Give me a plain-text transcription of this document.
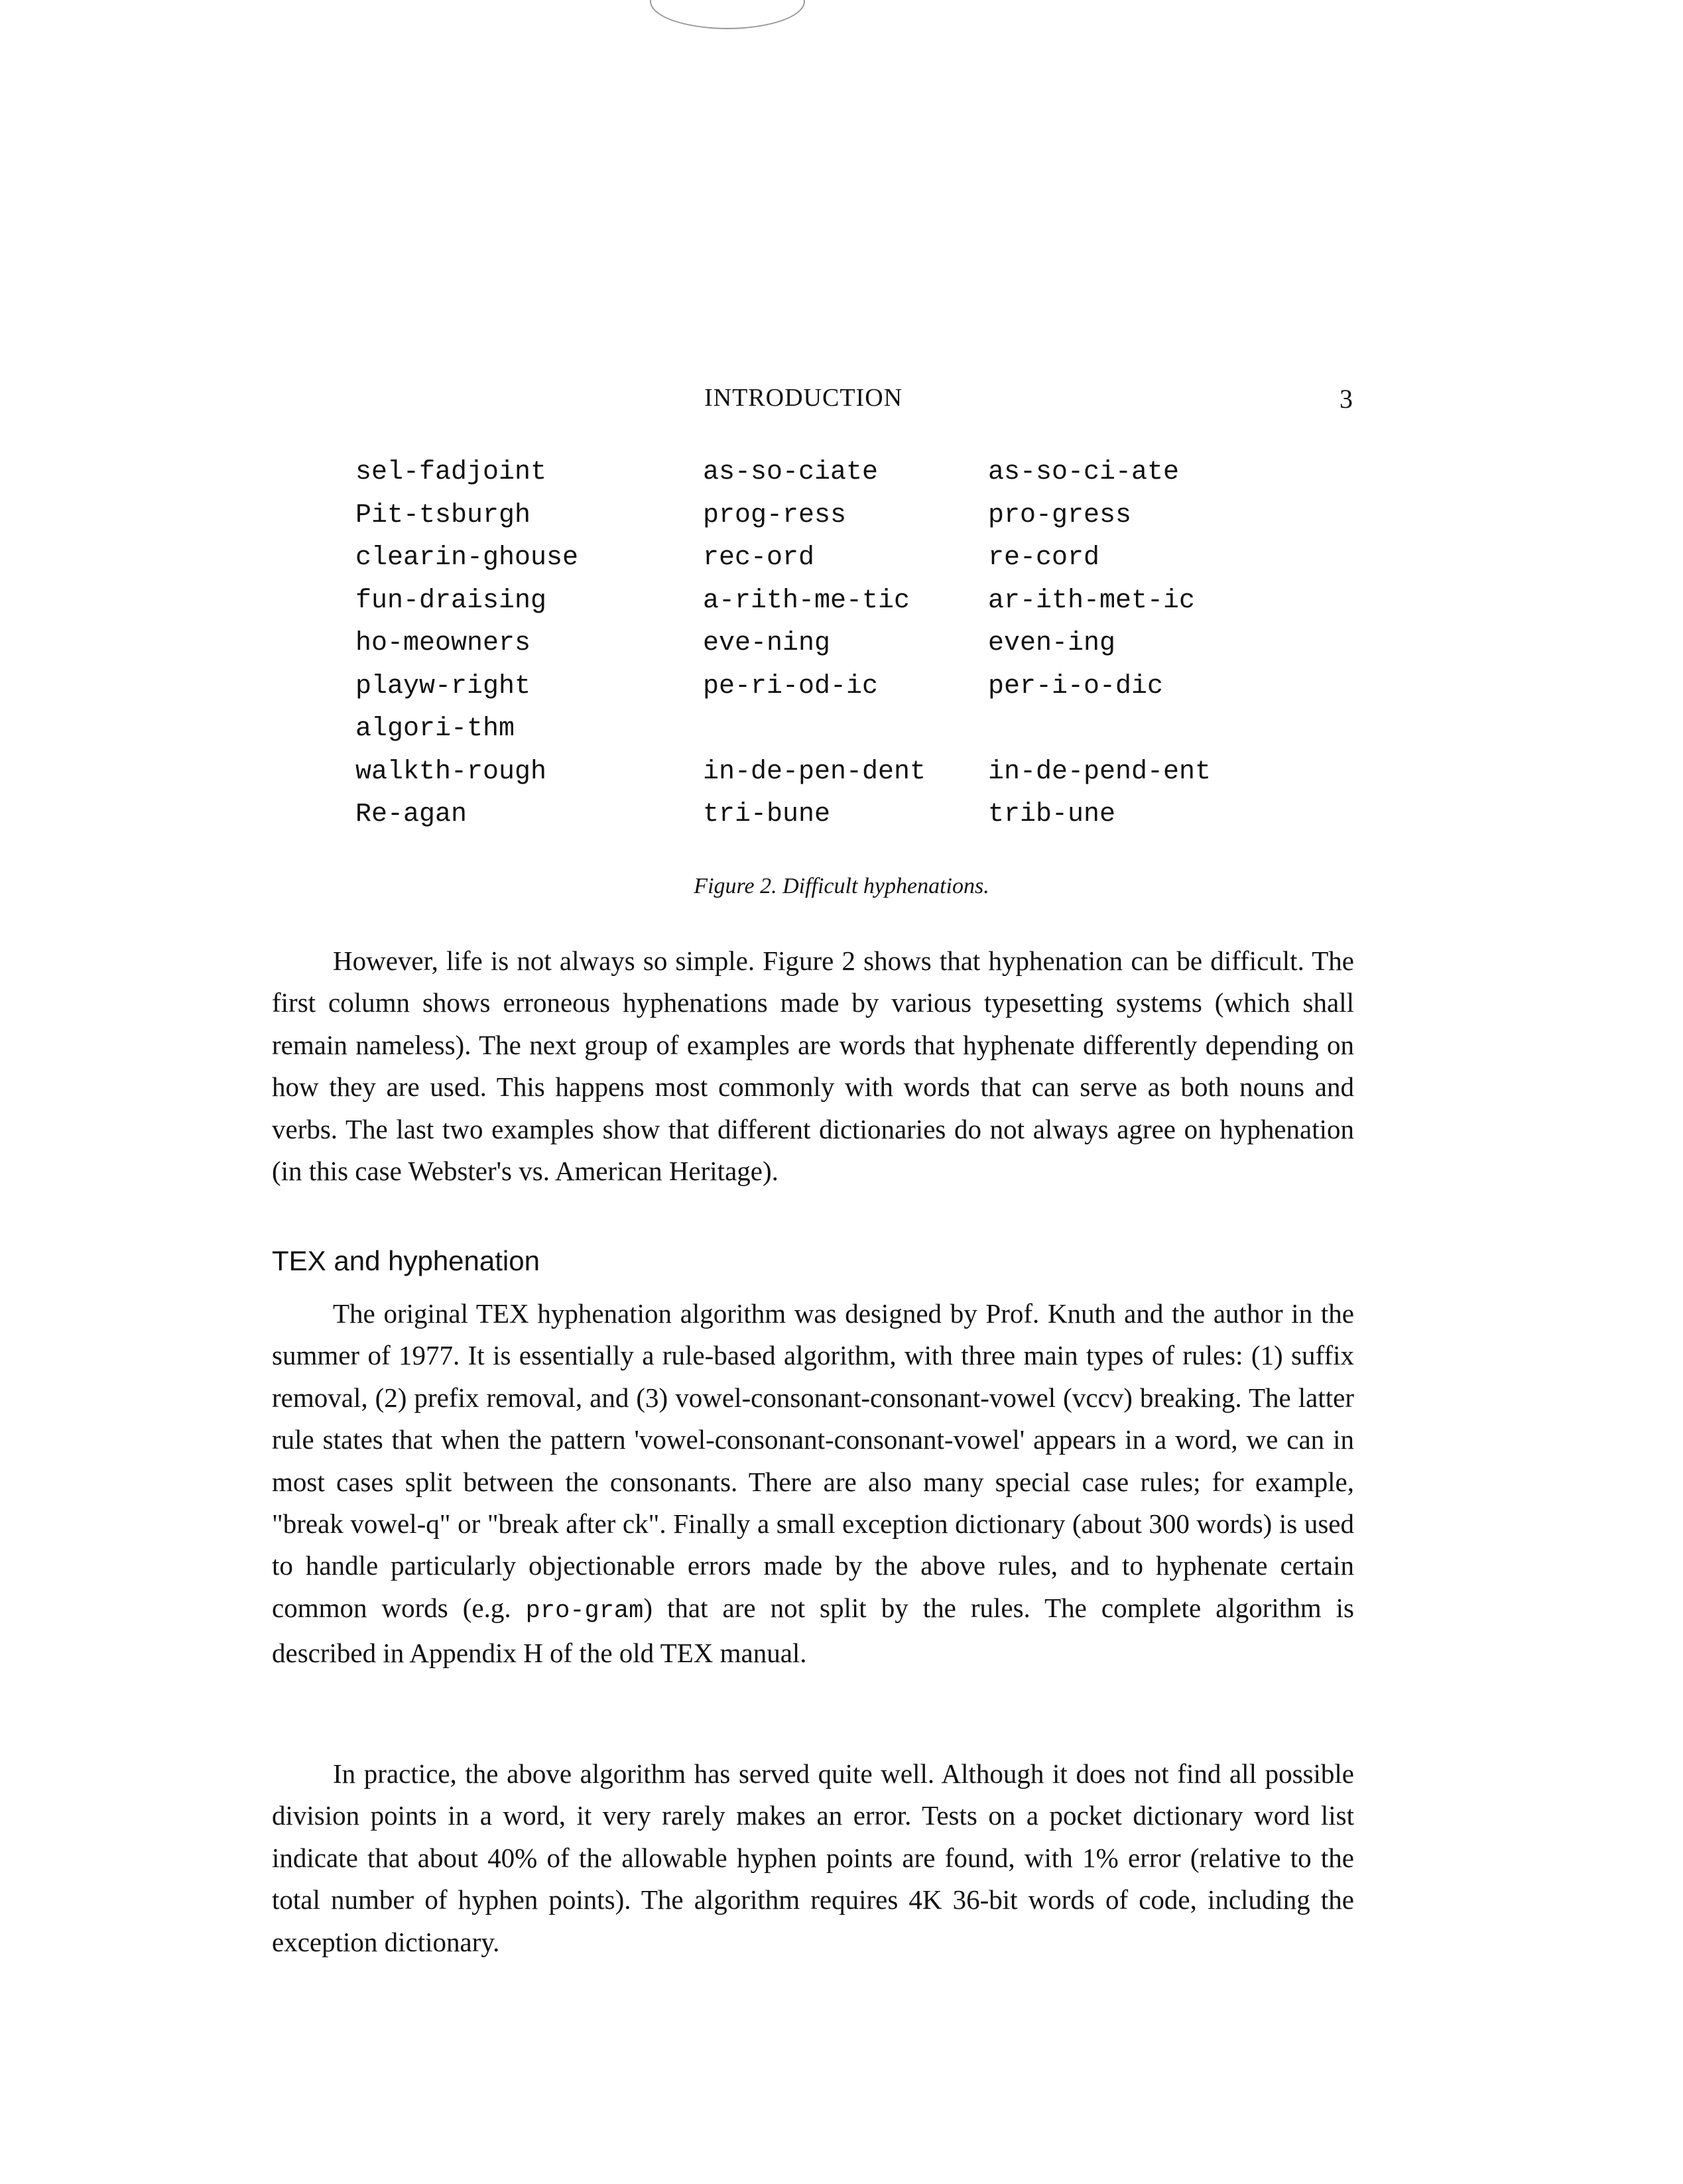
INTRODUCTION	3
sel-fadjoint	as-so-ciate	as-so-ci-ate
Pit-tsburgh	prog-ress	pro-gress
clearin-ghouse	rec-ord	re-cord
fun-draising	a-rith-me-tic	ar-ith-met-ic
ho-meowners	eve-ning	even-ing
playw-right	pe-ri-od-ic	per-i-o-dic
algori-thm
walkth-rough	in-de-pen-dent	in-de-pend-ent
Re-agan	tri-bune	trib-une
Figure 2. Difficult hyphenations.

However, life is not always so simple. Figure 2 shows that hyphenation can be difficult. The first column shows erroneous hyphenations made by various typesetting systems (which shall remain nameless). The next group of examples are words that hyphenate differently depending on how they are used. This happens most commonly with words that can serve as both nouns and verbs. The last two examples show that different dictionaries do not always agree on hyphenation (in this case Webster's vs. American Heritage).

TEX and hyphenation

The original TEX hyphenation algorithm was designed by Prof. Knuth and the author in the summer of 1977. It is essentially a rule-based algorithm, with three main types of rules: (1) suffix removal, (2) prefix removal, and (3) vowel-consonant-consonant-vowel (vccv) breaking. The latter rule states that when the pattern 'vowel-consonant-consonant-vowel' appears in a word, we can in most cases split between the consonants. There are also many special case rules; for example, "break vowel-q" or "break after ck". Finally a small exception dictionary (about 300 words) is used to handle particularly objectionable errors made by the above rules, and to hyphenate certain common words (e.g. pro-gram) that are not split by the rules. The complete algorithm is described in Appendix H of the old TEX manual.

In practice, the above algorithm has served quite well. Although it does not find all possible division points in a word, it very rarely makes an error. Tests on a pocket dictionary word list indicate that about 40% of the allowable hyphen points are found, with 1% error (relative to the total number of hyphen points). The algorithm requires 4K 36-bit words of code, including the exception dictionary.
